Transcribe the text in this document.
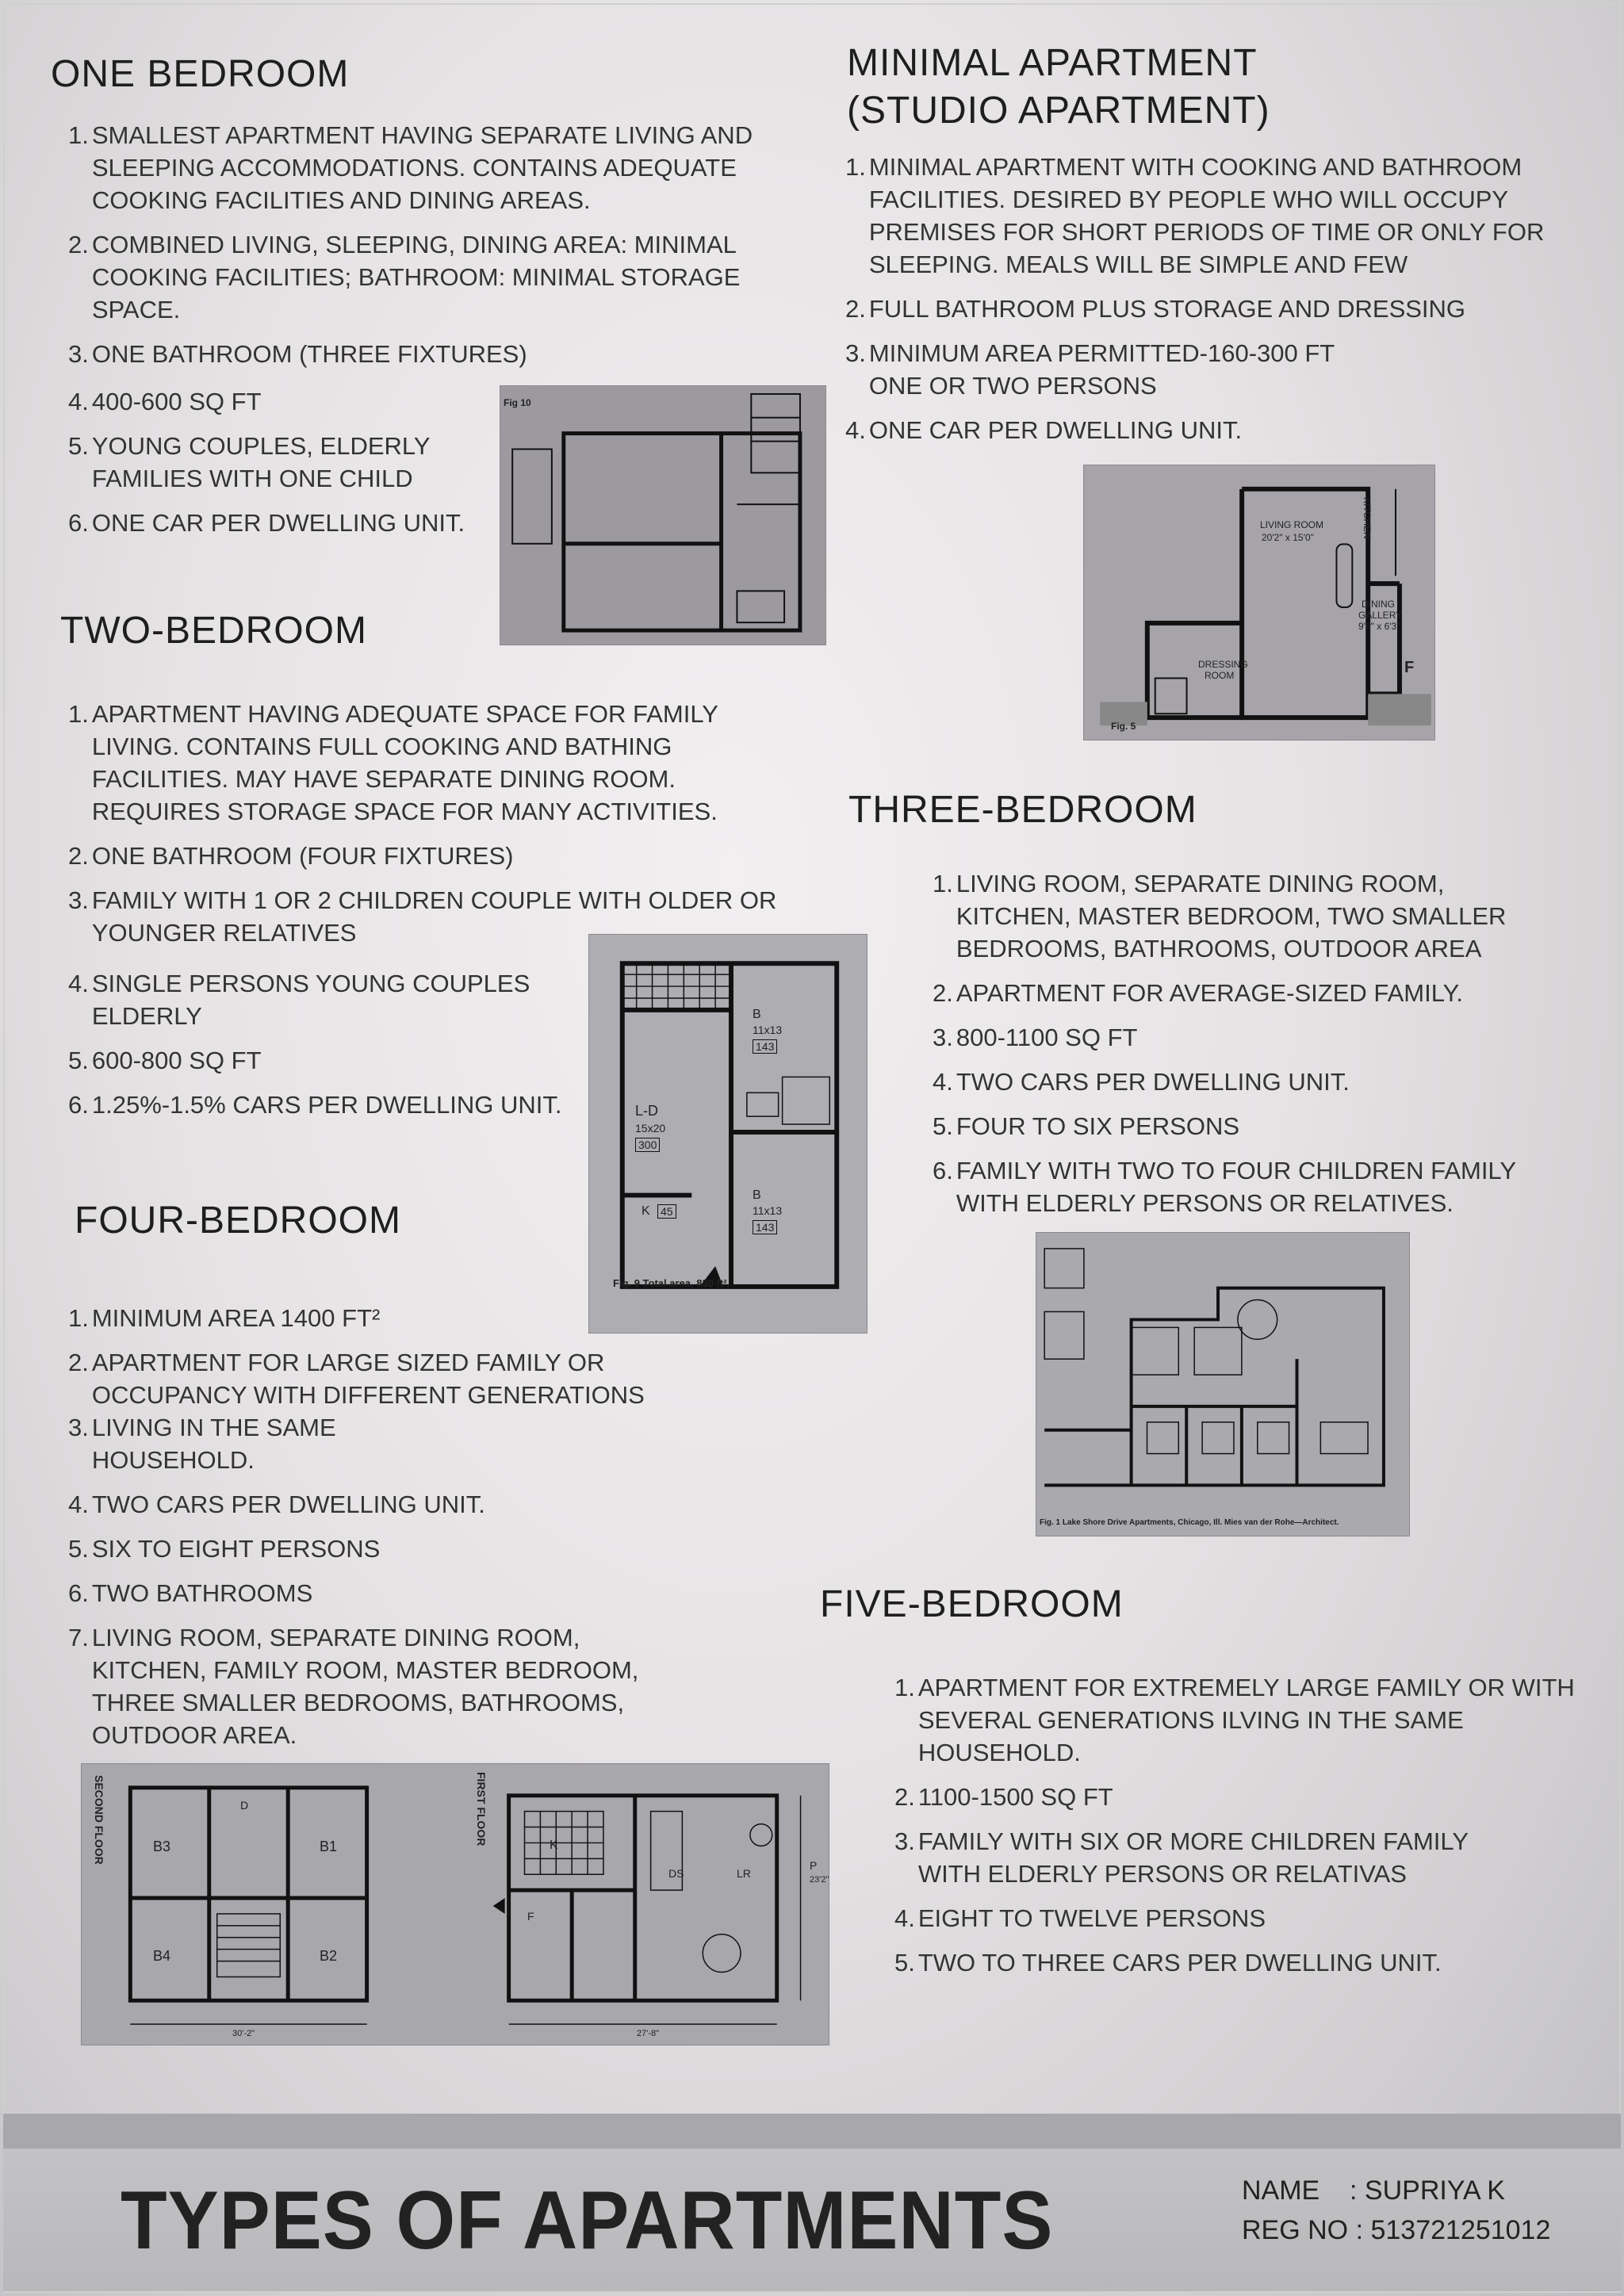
ONE BEDROOM
1. SMALLEST APARTMENT HAVING SEPARATE LIVING AND SLEEPING ACCOMMODATIONS. CONTAINS ADEQUATE COOKING FACILITIES AND DINING AREAS.
2. COMBINED LIVING, SLEEPING, DINING AREA: MINIMAL COOKING FACILITIES; BATHROOM: MINIMAL STORAGE SPACE.
3. ONE BATHROOM (THREE FIXTURES)
4. 400-600 SQ FT
5. YOUNG COUPLES, ELDERLY FAMILIES WITH ONE CHILD
6. ONE CAR PER DWELLING UNIT.
Fig 10
MINIMAL APARTMENT
(STUDIO APARTMENT)
1. MINIMAL APARTMENT WITH COOKING AND BATHROOM FACILITIES. DESIRED BY PEOPLE WHO WILL OCCUPY PREMISES FOR SHORT PERIODS OF TIME OR ONLY FOR SLEEPING. MEALS WILL BE SIMPLE AND FEW
2. FULL BATHROOM PLUS STORAGE AND DRESSING
3. MINIMUM AREA PERMITTED-160-300 FT ONE OR TWO PERSONS
4. ONE CAR PER DWELLING UNIT.
LIVING ROOM
20'2" x 15'0"	KITCHEN
DINING
GALLERY
9'6" x 6'3"
DRESSING
ROOM	F
Fig. 5
TWO-BEDROOM
1. APARTMENT HAVING ADEQUATE SPACE FOR FAMILY LIVING. CONTAINS FULL COOKING AND BATHING FACILITIES. MAY HAVE SEPARATE DINING ROOM. REQUIRES STORAGE SPACE FOR MANY ACTIVITIES.
2. ONE BATHROOM (FOUR FIXTURES)
3. FAMILY WITH 1 OR 2 CHILDREN COUPLE WITH OLDER OR YOUNGER RELATIVES
4. SINGLE PERSONS YOUNG COUPLES ELDERLY
5. 600-800 SQ FT
6. 1.25%-1.5% CARS PER DWELLING UNIT.
B
11x13
143
L-D
15x20
300
K 45
B
11x13
143
Fig. 9 Total area, 830 ft².
THREE-BEDROOM
1. LIVING ROOM, SEPARATE DINING ROOM, KITCHEN, MASTER BEDROOM, TWO SMALLER BEDROOMS, BATHROOMS, OUTDOOR AREA
2. APARTMENT FOR AVERAGE-SIZED FAMILY.
3. 800-1100 SQ FT
4. TWO CARS PER DWELLING UNIT.
5. FOUR TO SIX PERSONS
6. FAMILY WITH TWO TO FOUR CHILDREN FAMILY WITH ELDERLY PERSONS OR RELATIVES.
Fig. 1 Lake Shore Drive Apartments, Chicago, Ill. Mies van der Rohe—Architect.
FOUR-BEDROOM
1. MINIMUM AREA 1400 FT²
2. APARTMENT FOR LARGE SIZED FAMILY OR OCCUPANCY WITH DIFFERENT GENERATIONS
3. LIVING IN THE SAME HOUSEHOLD.
4. TWO CARS PER DWELLING UNIT.
5. SIX TO EIGHT PERSONS
6. TWO BATHROOMS
7. LIVING ROOM, SEPARATE DINING ROOM, KITCHEN, FAMILY ROOM, MASTER BEDROOM, THREE SMALLER BEDROOMS, BATHROOMS, OUTDOOR AREA.
SECOND FLOOR	FIRST FLOOR
B1
B2
B3
B4
D
K
DS	LR
F
P
23'2"
30'-2"	27'-8"
FIVE-BEDROOM
1. APARTMENT FOR EXTREMELY LARGE FAMILY OR WITH SEVERAL GENERATIONS ILVING IN THE SAME HOUSEHOLD.
2. 1100-1500 SQ FT
3. FAMILY WITH SIX OR MORE CHILDREN FAMILY WITH ELDERLY PERSONS OR RELATIVAS
4. EIGHT TO TWELVE PERSONS
5. TWO TO THREE CARS PER DWELLING UNIT.
TYPES OF APARTMENTS	NAME    : SUPRIYA K
REG NO : 513721251012
